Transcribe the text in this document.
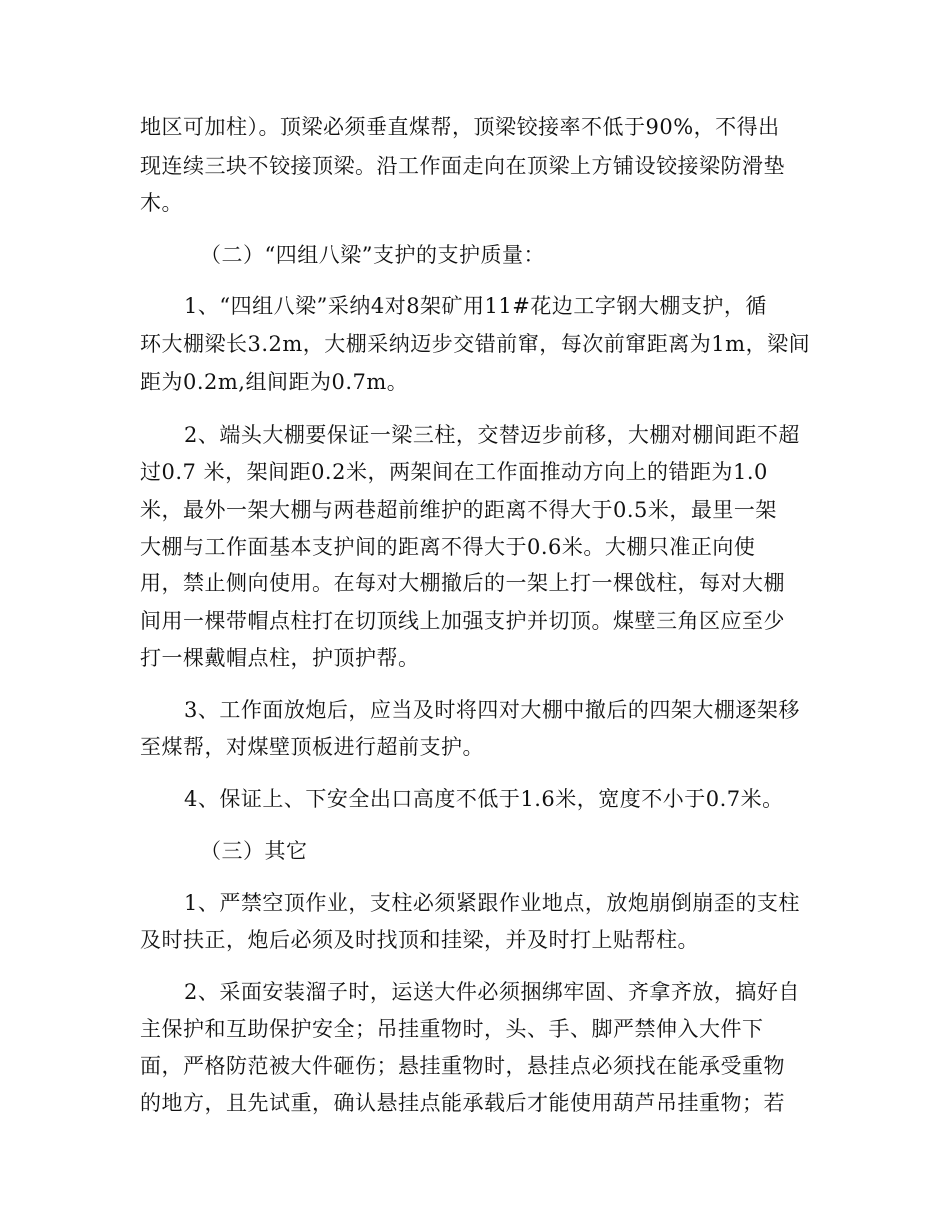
地区可加柱）。顶梁必须垂直煤帮，顶梁铰接率不低于90%，不得出
现连续三块不铰接顶梁。沿工作面走向在顶梁上方铺设铰接梁防滑垫
木。
（二）“四组八梁”支护的支护质量：
1、“四组八梁”采纳4对8架矿用11#花边工字钢大棚支护，循
环大棚梁长3.2m，大棚采纳迈步交错前窜，每次前窜距离为1m，梁间
距为0.2m,组间距为0.7m。
2、端头大棚要保证一梁三柱，交替迈步前移，大棚对棚间距不超
过0.7 米，架间距0.2米，两架间在工作面推动方向上的错距为1.0
米，最外一架大棚与两巷超前维护的距离不得大于0.5米，最里一架
大棚与工作面基本支护间的距离不得大于0.6米。大棚只准正向使
用，禁止侧向使用。在每对大棚撤后的一架上打一棵戗柱，每对大棚
间用一棵带帽点柱打在切顶线上加强支护并切顶。煤壁三角区应至少
打一棵戴帽点柱，护顶护帮。
3、工作面放炮后，应当及时将四对大棚中撤后的四架大棚逐架移
至煤帮，对煤壁顶板进行超前支护。
4、保证上、下安全出口高度不低于1.6米，宽度不小于0.7米。
（三）其它
1、严禁空顶作业，支柱必须紧跟作业地点，放炮崩倒崩歪的支柱
及时扶正，炮后必须及时找顶和挂梁，并及时打上贴帮柱。
2、采面安装溜子时，运送大件必须捆绑牢固、齐拿齐放，搞好自
主保护和互助保护安全；吊挂重物时，头、手、脚严禁伸入大件下
面，严格防范被大件砸伤；悬挂重物时，悬挂点必须找在能承受重物
的地方，且先试重，确认悬挂点能承载后才能使用葫芦吊挂重物；若
